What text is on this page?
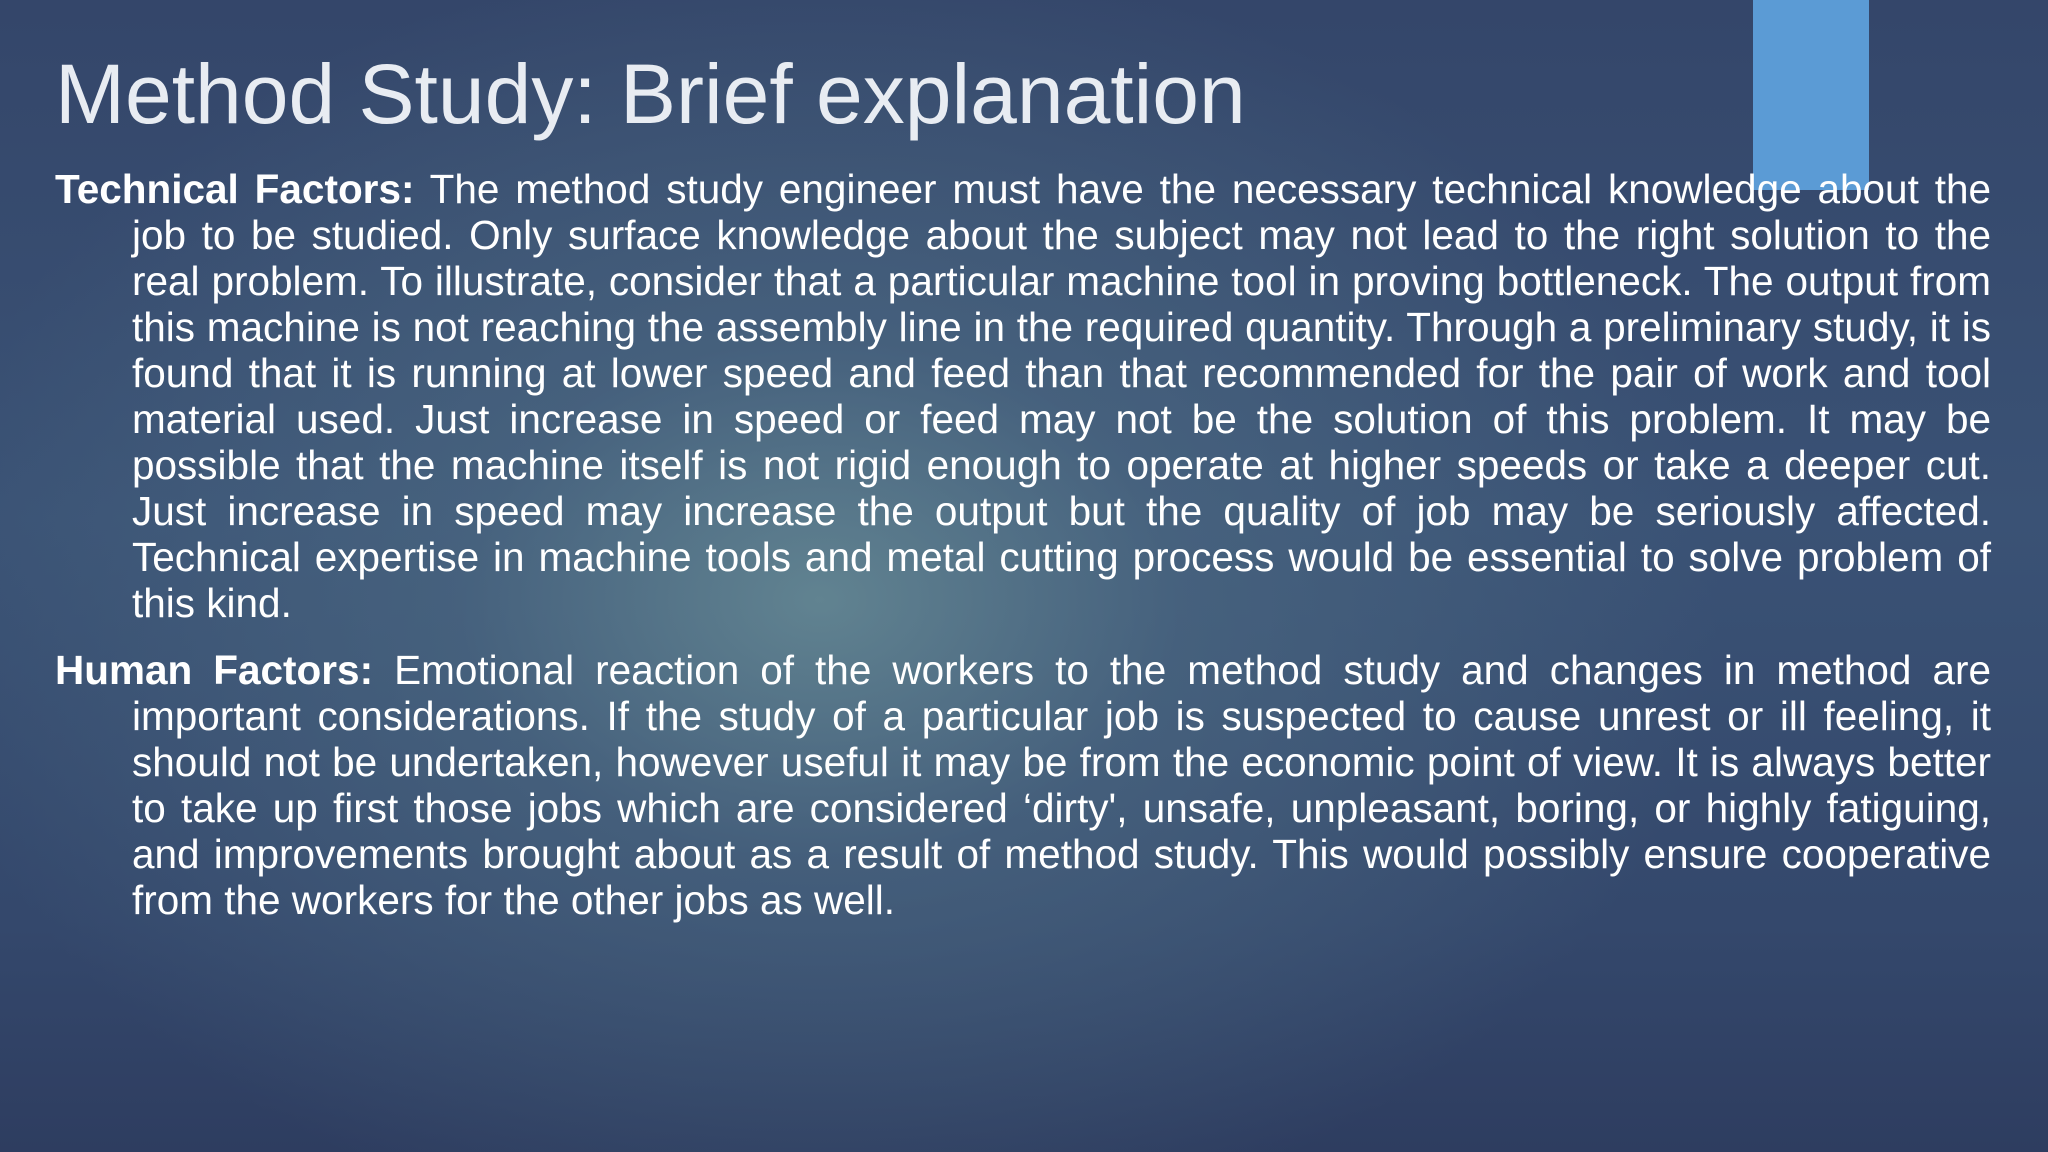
Method Study: Brief explanation

Technical Factors: The method study engineer must have the necessary technical knowledge about the job to be studied. Only surface knowledge about the subject may not lead to the right solution to the real problem. To illustrate, consider that a particular machine tool in proving bottleneck. The output from this machine is not reaching the assembly line in the required quantity. Through a preliminary study, it is found that it is running at lower speed and feed than that recommended for the pair of work and tool material used. Just increase in speed or feed may not be the solution of this problem. It may be possible that the machine itself is not rigid enough to operate at higher speeds or take a deeper cut. Just increase in speed may increase the output but the quality of job may be seriously affected. Technical expertise in machine tools and metal cutting process would be essential to solve problem of this kind.

Human Factors: Emotional reaction of the workers to the method study and changes in method are important considerations. If the study of a particular job is suspected to cause unrest or ill feeling, it should not be undertaken, however useful it may be from the economic point of view. It is always better to take up first those jobs which are considered ‘dirty', unsafe, unpleasant, boring, or highly fatiguing, and improvements brought about as a result of method study. This would possibly ensure cooperative from the workers for the other jobs as well.
